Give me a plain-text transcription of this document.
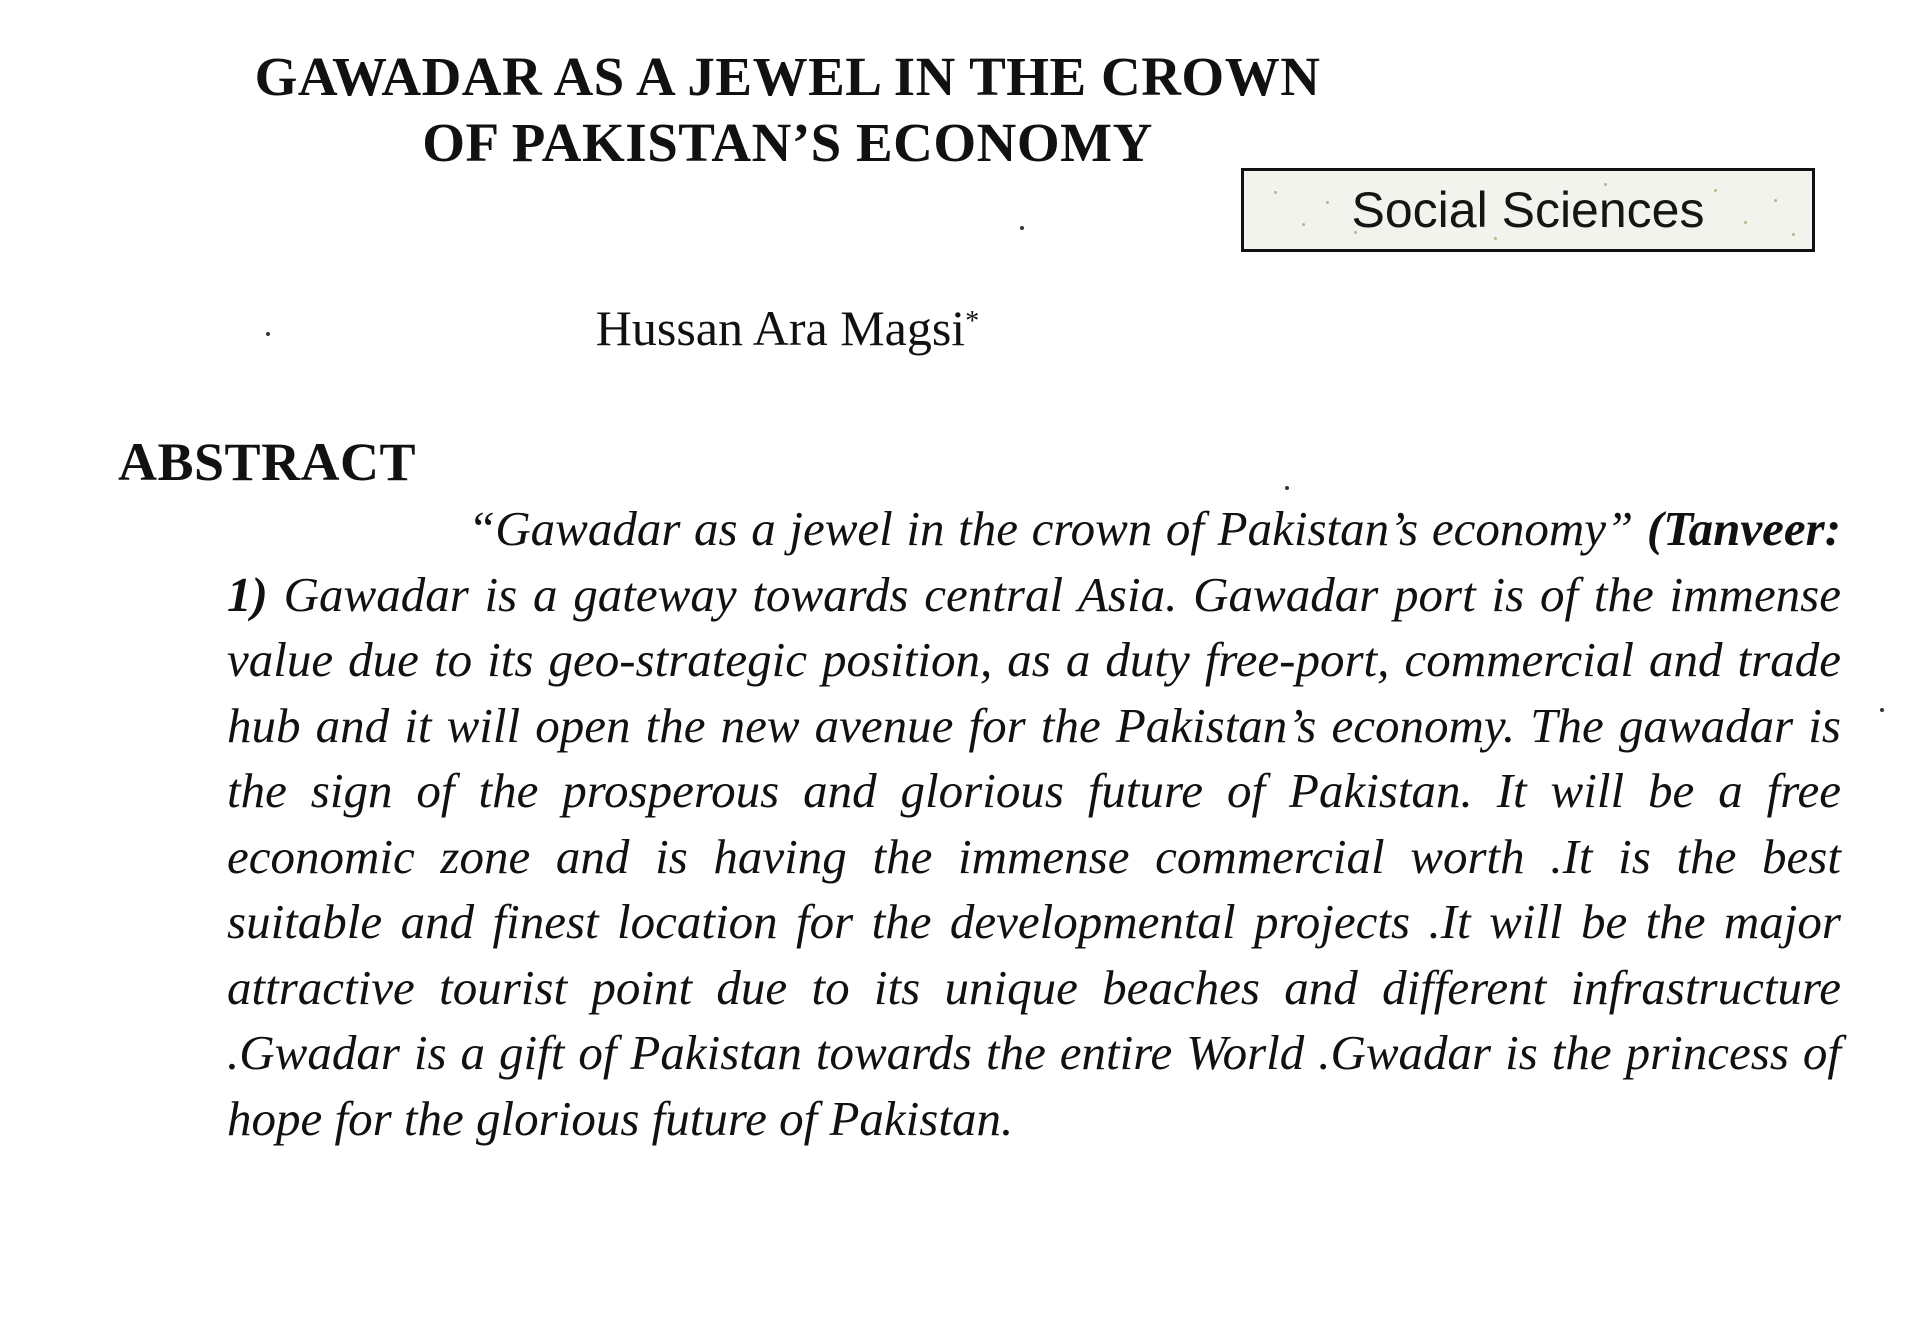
GAWADAR AS A JEWEL IN THE CROWN
OF PAKISTAN’S ECONOMY
Social Sciences

Hussan Ara Magsi*

ABSTRACT

“Gawadar as a jewel in the crown of Pakistan’s economy” (Tanveer: 1) Gawadar is a gateway towards central Asia. Gawadar port is of the immense value due to its geo-strategic position, as a duty free-port, commercial and trade hub and it will open the new avenue for the Pakistan’s economy. The gawadar is the sign of the prosperous and glorious future of Pakistan. It will be a free economic zone and is having the immense commercial worth .It is the best suitable and finest location for the developmental projects .It will be the major attractive tourist point due to its unique beaches and different infrastructure .Gwadar is a gift of Pakistan towards the entire World .Gwadar is the princess of hope for the glorious future of Pakistan.
